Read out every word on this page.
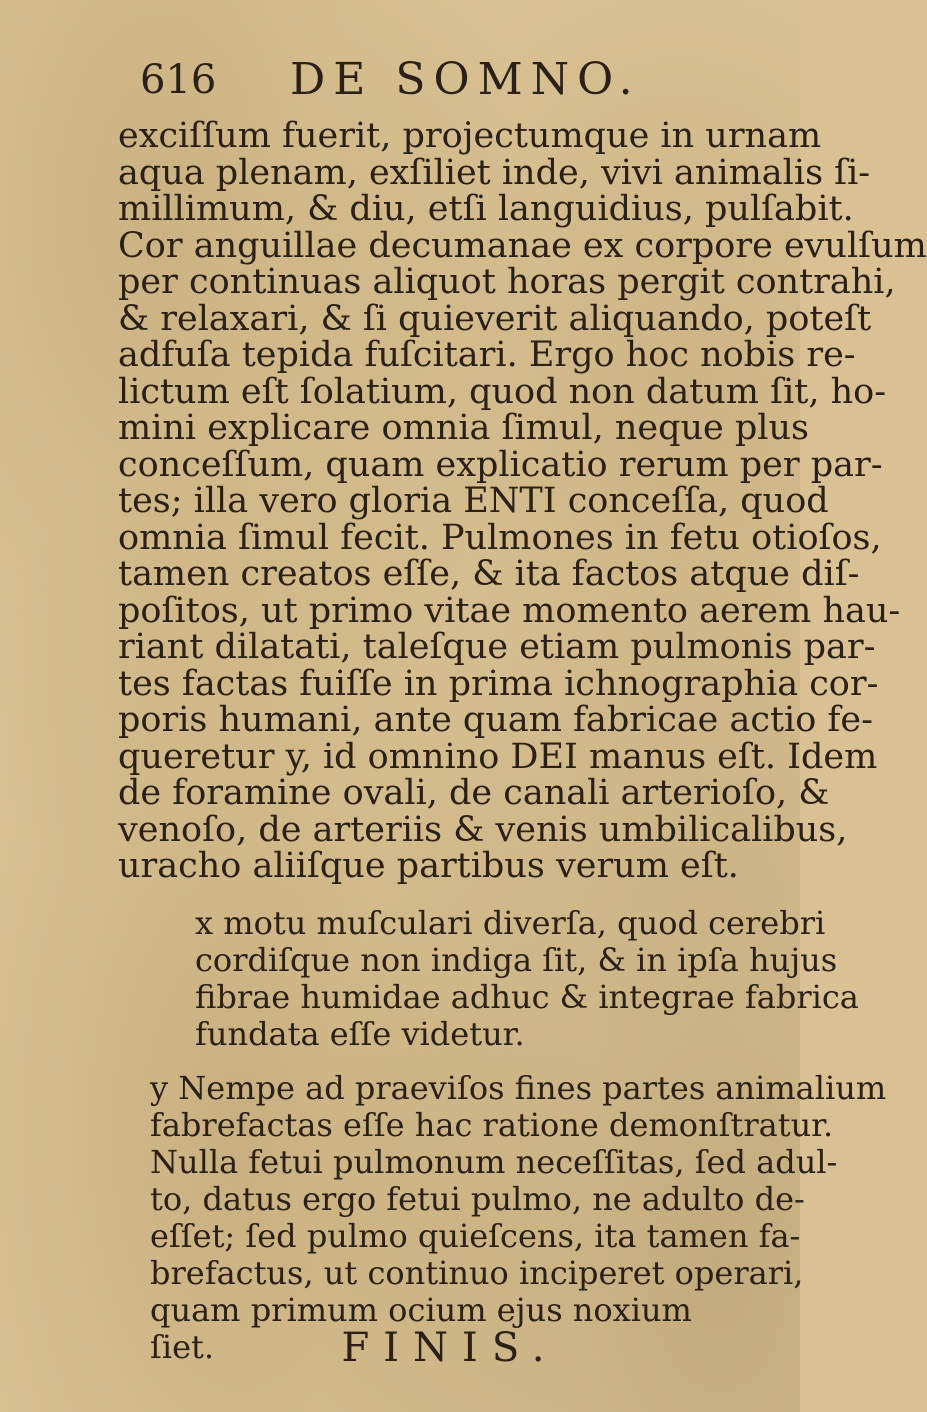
616 DE SOMNO.
exciſſum fuerit, projectumque in urnam
aqua plenam, exſiliet inde, vivi animalis ſi-
millimum, & diu, etſi languidius, pulſabit.
Cor anguillae decumanae ex corpore evulſum
per continuas aliquot horas pergit contrahi,
& relaxari, & ſi quieverit aliquando, poteſt
adfuſa tepida fuſcitari. Ergo hoc nobis re-
lictum eſt ſolatium, quod non datum ſit, ho-
mini explicare omnia ſimul, neque plus
conceſſum, quam explicatio rerum per par-
tes; illa vero gloria ENTI conceſſa, quod
omnia ſimul fecit. Pulmones in fetu otioſos,
tamen creatos eſſe, & ita factos atque diſ-
poſitos, ut primo vitae momento aerem hau-
riant dilatati, taleſque etiam pulmonis par-
tes factas fuiſſe in prima ichnographia cor-
poris humani, ante quam fabricae actio fe-
queretur y, id omnino DEI manus eſt. Idem
de foramine ovali, de canali arterioſo, &
venoſo, de arteriis & venis umbilicalibus,
uracho aliiſque partibus verum eſt.
x motu muſculari diverſa, quod cerebri
cordiſque non indiga ſit, & in ipſa hujus
fibrae humidae adhuc & integrae fabrica
fundata eſſe videtur.
y Nempe ad praeviſos fines partes animalium
fabrefactas eſſe hac ratione demonſtratur.
Nulla fetui pulmonum neceſſitas, ſed adul-
to, datus ergo fetui pulmo, ne adulto de-
eſſet; ſed pulmo quieſcens, ita tamen fa-
brefactus, ut continuo inciperet operari,
quam primum ocium ejus noxium
ſiet.	FINIS.
